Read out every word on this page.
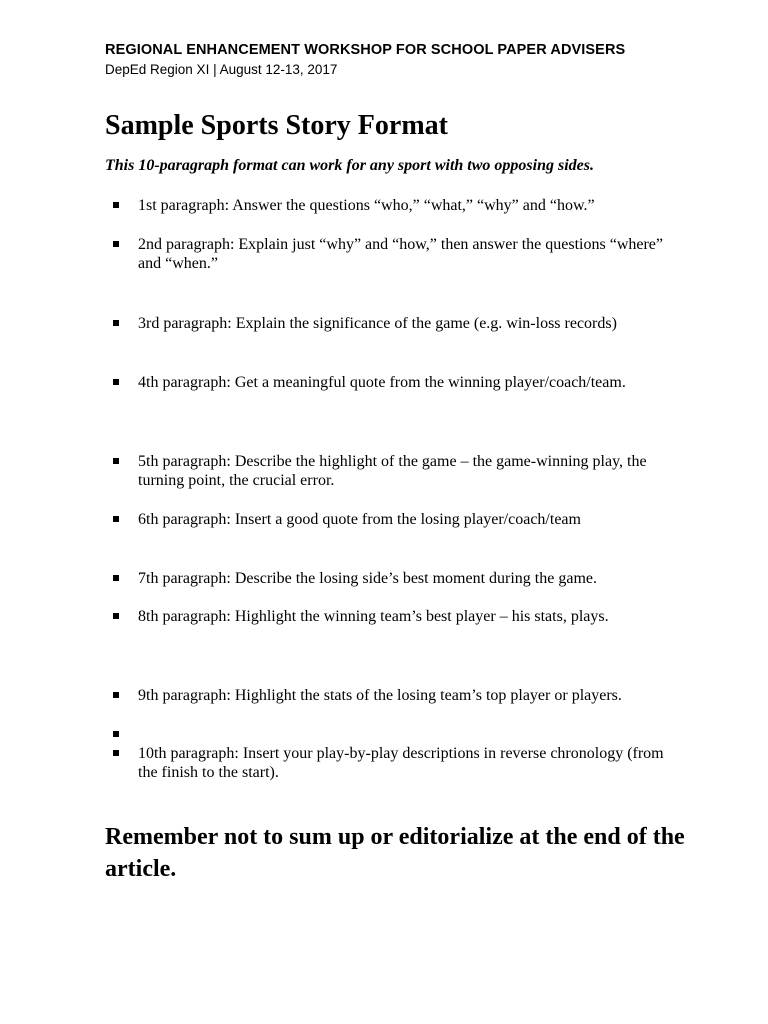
REGIONAL ENHANCEMENT WORKSHOP FOR SCHOOL PAPER ADVISERS
DepEd Region XI | August 12-13, 2017
Sample Sports Story Format
This 10-paragraph format can work for any sport with two opposing sides.
1st paragraph: Answer the questions “who,” “what,” “why” and “how.”
2nd paragraph: Explain just “why” and “how,” then answer the questions “where” and “when.”
3rd paragraph: Explain the significance of the game (e.g. win-loss records)
4th paragraph: Get a meaningful quote from the winning player/coach/team.
5th paragraph: Describe the highlight of the game – the game-winning play, the turning point, the crucial error.
6th paragraph: Insert a good quote from the losing player/coach/team
7th paragraph: Describe the losing side’s best moment during the game.
8th paragraph: Highlight the winning team’s best player – his stats, plays.
9th paragraph: Highlight the stats of the losing team’s top player or players.
10th paragraph: Insert your play-by-play descriptions in reverse chronology (from the finish to the start).
Remember not to sum up or editorialize at the end of the article.
